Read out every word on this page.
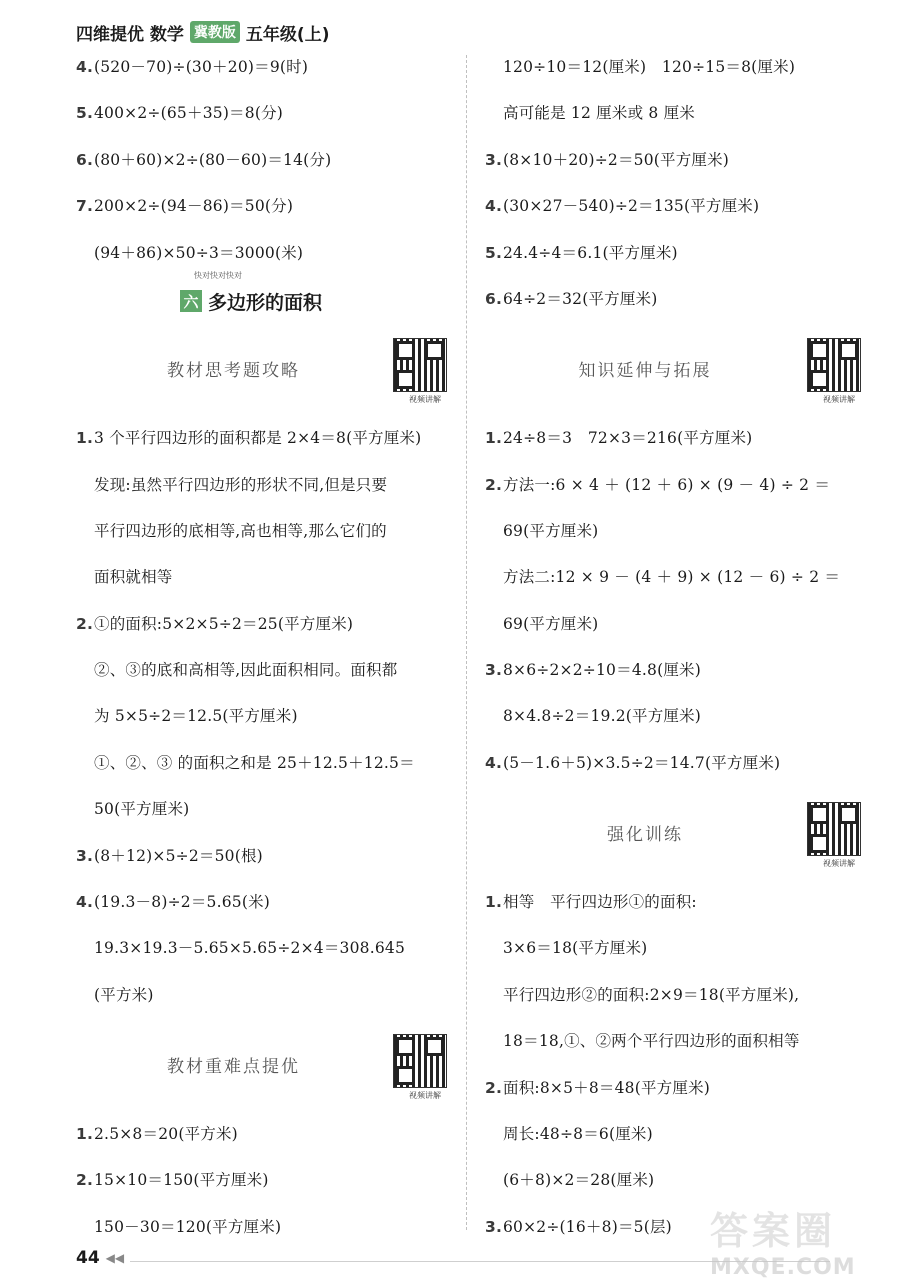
四维提优 数学 冀教版 五年级(上)
4.(520－70)÷(30＋20)＝9(时)
5.400×2÷(65＋35)＝8(分)
6.(80＋60)×2÷(80－60)＝14(分)
7.200×2÷(94－86)＝50(分)
(94＋86)×50÷3＝3000(米)
快对快对快对
六 多边形的面积
教材思考题攻略
视频讲解
1.3 个平行四边形的面积都是 2×4＝8(平方厘米)
发现:虽然平行四边形的形状不同,但是只要
平行四边形的底相等,高也相等,那么它们的
面积就相等
2.①的面积:5×2×5÷2＝25(平方厘米)
②、③的底和高相等,因此面积相同。面积都
为 5×5÷2＝12.5(平方厘米)
①、②、③ 的面积之和是 25＋12.5＋12.5＝
50(平方厘米)
3.(8＋12)×5÷2＝50(根)
4.(19.3－8)÷2＝5.65(米)
19.3×19.3－5.65×5.65÷2×4＝308.645
(平方米)
教材重难点提优
视频讲解
1.2.5×8＝20(平方米)
2.15×10＝150(平方厘米)
150－30＝120(平方厘米)
120÷10＝12(厘米)　120÷15＝8(厘米)
高可能是 12 厘米或 8 厘米
3.(8×10＋20)÷2＝50(平方厘米)
4.(30×27－540)÷2＝135(平方厘米)
5.24.4÷4＝6.1(平方厘米)
6.64÷2＝32(平方厘米)
知识延伸与拓展
视频讲解
1.24÷8＝3　72×3＝216(平方厘米)
2.方法一:6 × 4 ＋ (12 ＋ 6) × (9 － 4) ÷ 2 ＝
69(平方厘米)
方法二:12 × 9 － (4 ＋ 9) × (12 － 6) ÷ 2 ＝
69(平方厘米)
3.8×6÷2×2÷10＝4.8(厘米)
8×4.8÷2＝19.2(平方厘米)
4.(5－1.6＋5)×3.5÷2＝14.7(平方厘米)
强化训练
视频讲解
1.相等　平行四边形①的面积:
3×6＝18(平方厘米)
平行四边形②的面积:2×9＝18(平方厘米),
18＝18,①、②两个平行四边形的面积相等
2.面积:8×5＋8＝48(平方厘米)
周长:48÷8＝6(厘米)
(6＋8)×2＝28(厘米)
3.60×2÷(16＋8)＝5(层)
44 ◀◀
答案圈
MXQE.COM
